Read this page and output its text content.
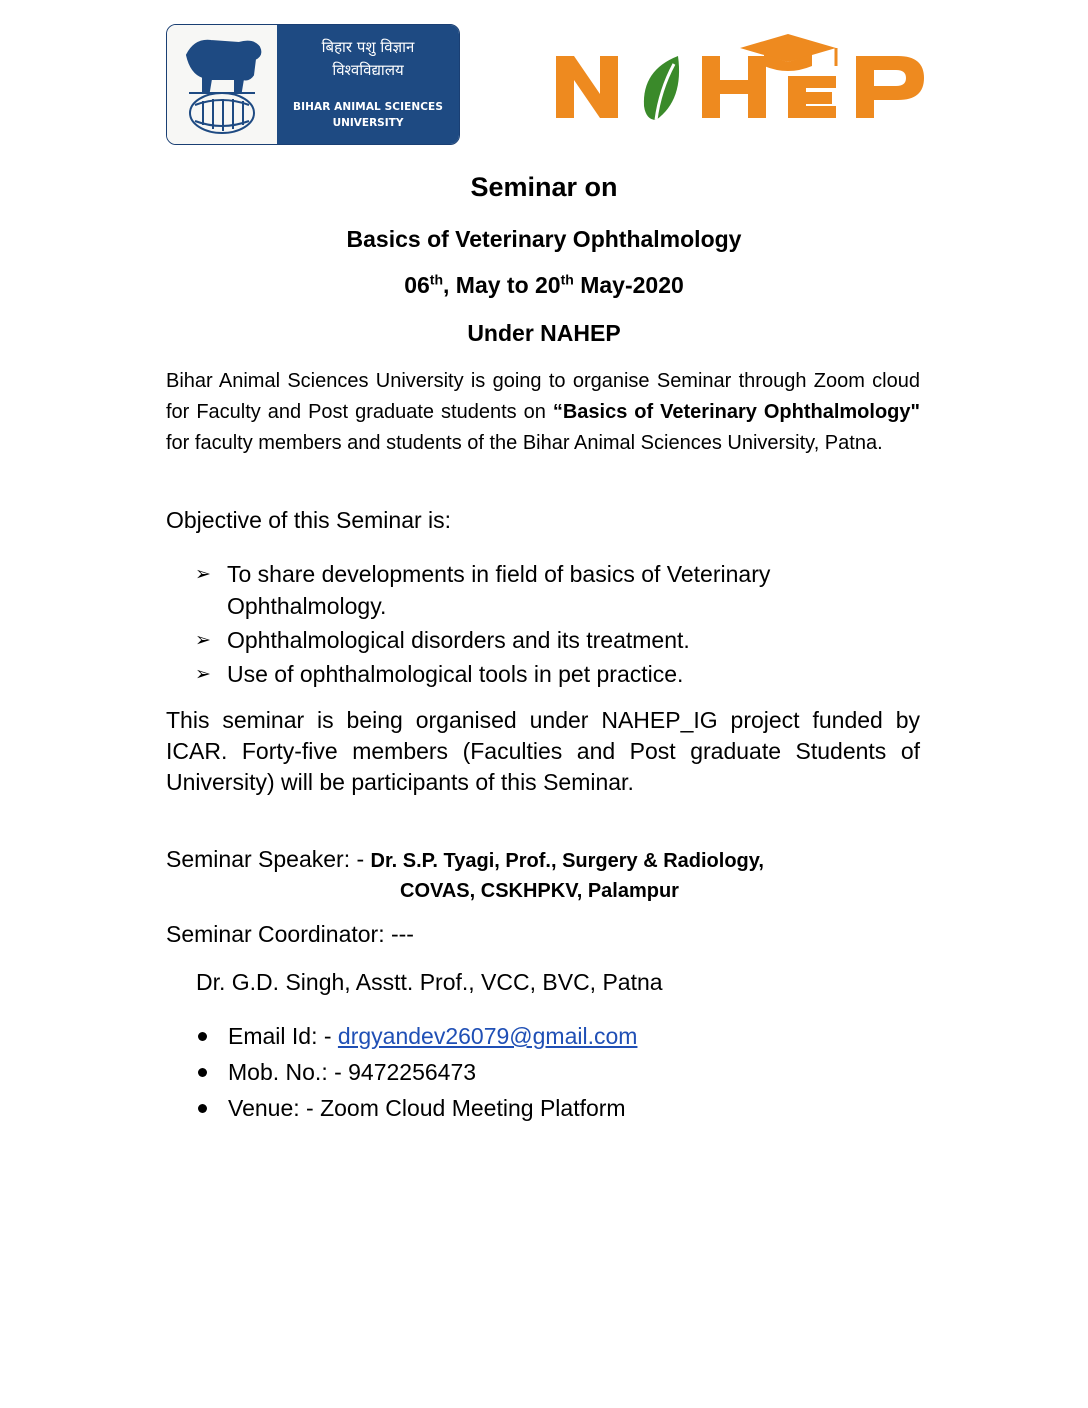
बिहार पशु विज्ञान
विश्वविद्यालय
BIHAR ANIMAL SCIENCES
UNIVERSITY
Seminar on
Basics of Veterinary Ophthalmology
06th, May to 20th May-2020
Under NAHEP
Bihar Animal Sciences University is going to organise Seminar through Zoom cloud for Faculty and Post graduate students on “Basics of Veterinary Ophthalmology" for faculty members and students of the Bihar Animal Sciences University, Patna.
Objective of this Seminar is:
➢ To share developments in field of basics of Veterinary Ophthalmology.
➢ Ophthalmological disorders and its treatment.
➢ Use of ophthalmological tools in pet practice.
This seminar is being organised under NAHEP_IG project funded by ICAR. Forty-five members (Faculties and Post graduate Students of University) will be participants of this Seminar.
Seminar Speaker: - Dr. S.P. Tyagi, Prof., Surgery & Radiology,
COVAS, CSKHPKV, Palampur
Seminar Coordinator: ---
Dr. G.D. Singh, Asstt. Prof., VCC, BVC, Patna
Email Id: - drgyandev26079@gmail.com
Mob. No.: - 9472256473
Venue: - Zoom Cloud Meeting Platform
